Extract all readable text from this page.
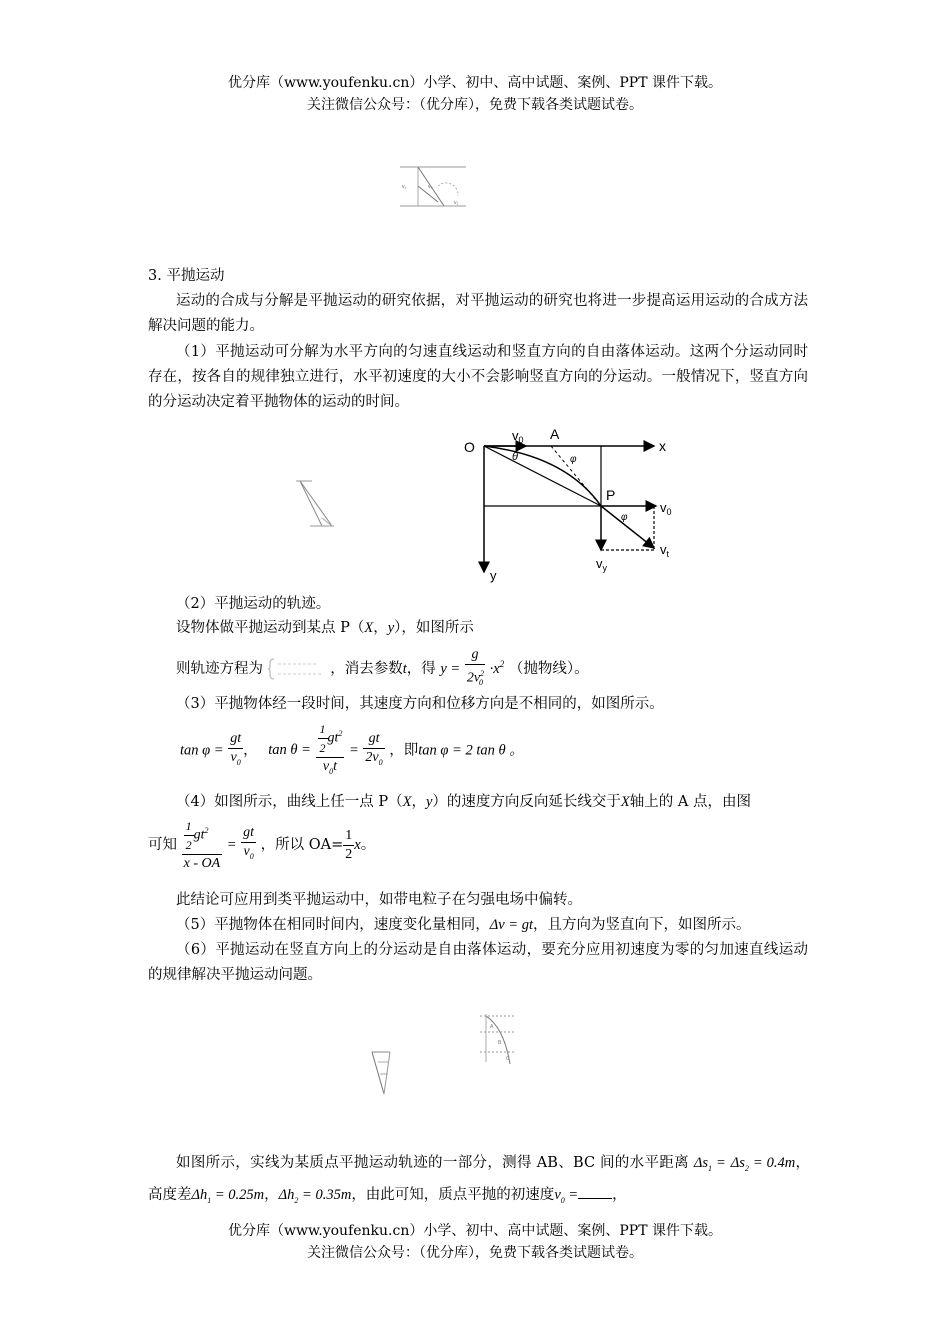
优分库（www.youfenku.cn）小学、初中、高中试题、案例、PPT 课件下载。
关注微信公众号：（优分库），免费下载各类试题试卷。
v₁	v₀
v₂
3. 平抛运动
运动的合成与分解是平抛运动的研究依据，对平抛运动的研究也将进一步提高运用运动的合成方法解决问题的能力。
（1）平抛运动可分解为水平方向的匀速直线运动和竖直方向的自由落体运动。这两个分运动同时存在，按各自的规律独立进行，水平初速度的大小不会影响竖直方向的分运动。一般情况下，竖直方向的分运动决定着平抛物体的运动的时间。
O
$v_0$ A
x
θ	φ
P
$v_0$
φ
$v_t$
$v_y$
y
（2）平抛运动的轨迹。
设物体做平抛运动到某点 P（X，y），如图所示
则轨迹方程为	，消去参数t，得 $y = \frac{g}{2v^2_0} \cdot x^2$ （抛物线）。
（3）平抛物体经一段时间，其速度方向和位移方向是不相同的，如图所示。
$\tan \varphi = \frac{gt}{v_0}$ ， $\tan \theta = \frac{\frac{1}{2} gt^2}{v_0t} = \frac{gt}{2v_0}$ ，即tan φ = 2 tan θ 。
（4）如图所示，曲线上任一点 P（X，y）的速度方向反向延长线交于X轴上的 A 点，由图
可知 $\frac{\frac{1}{2} gt^2}{x - OA} = \frac{gt}{v_0}$ ，所以 $OA= \frac{1}{2}$ x。
此结论可应用到类平抛运动中，如带电粒子在匀强电场中偏转。
（5）平抛物体在相同时间内，速度变化量相同，Δv = gt，且方向为竖直向下，如图所示。
（6）平抛运动在竖直方向上的分运动是自由落体运动，要充分应用初速度为零的匀加速直线运动的规律解决平抛运动问题。
A
B
C
如图所示，实线为某质点平抛运动轨迹的一部分，测得 AB、BC 间的水平距离 $\Delta s_1 = \Delta s_2 = 0.4m$，高度差$\Delta h_1 = 0.25m$，$\Delta h_2 = 0.35m$，由此可知，质点平抛的初速度$v_0$ = ，
优分库（www.youfenku.cn）小学、初中、高中试题、案例、PPT 课件下载。
关注微信公众号：（优分库），免费下载各类试题试卷。
